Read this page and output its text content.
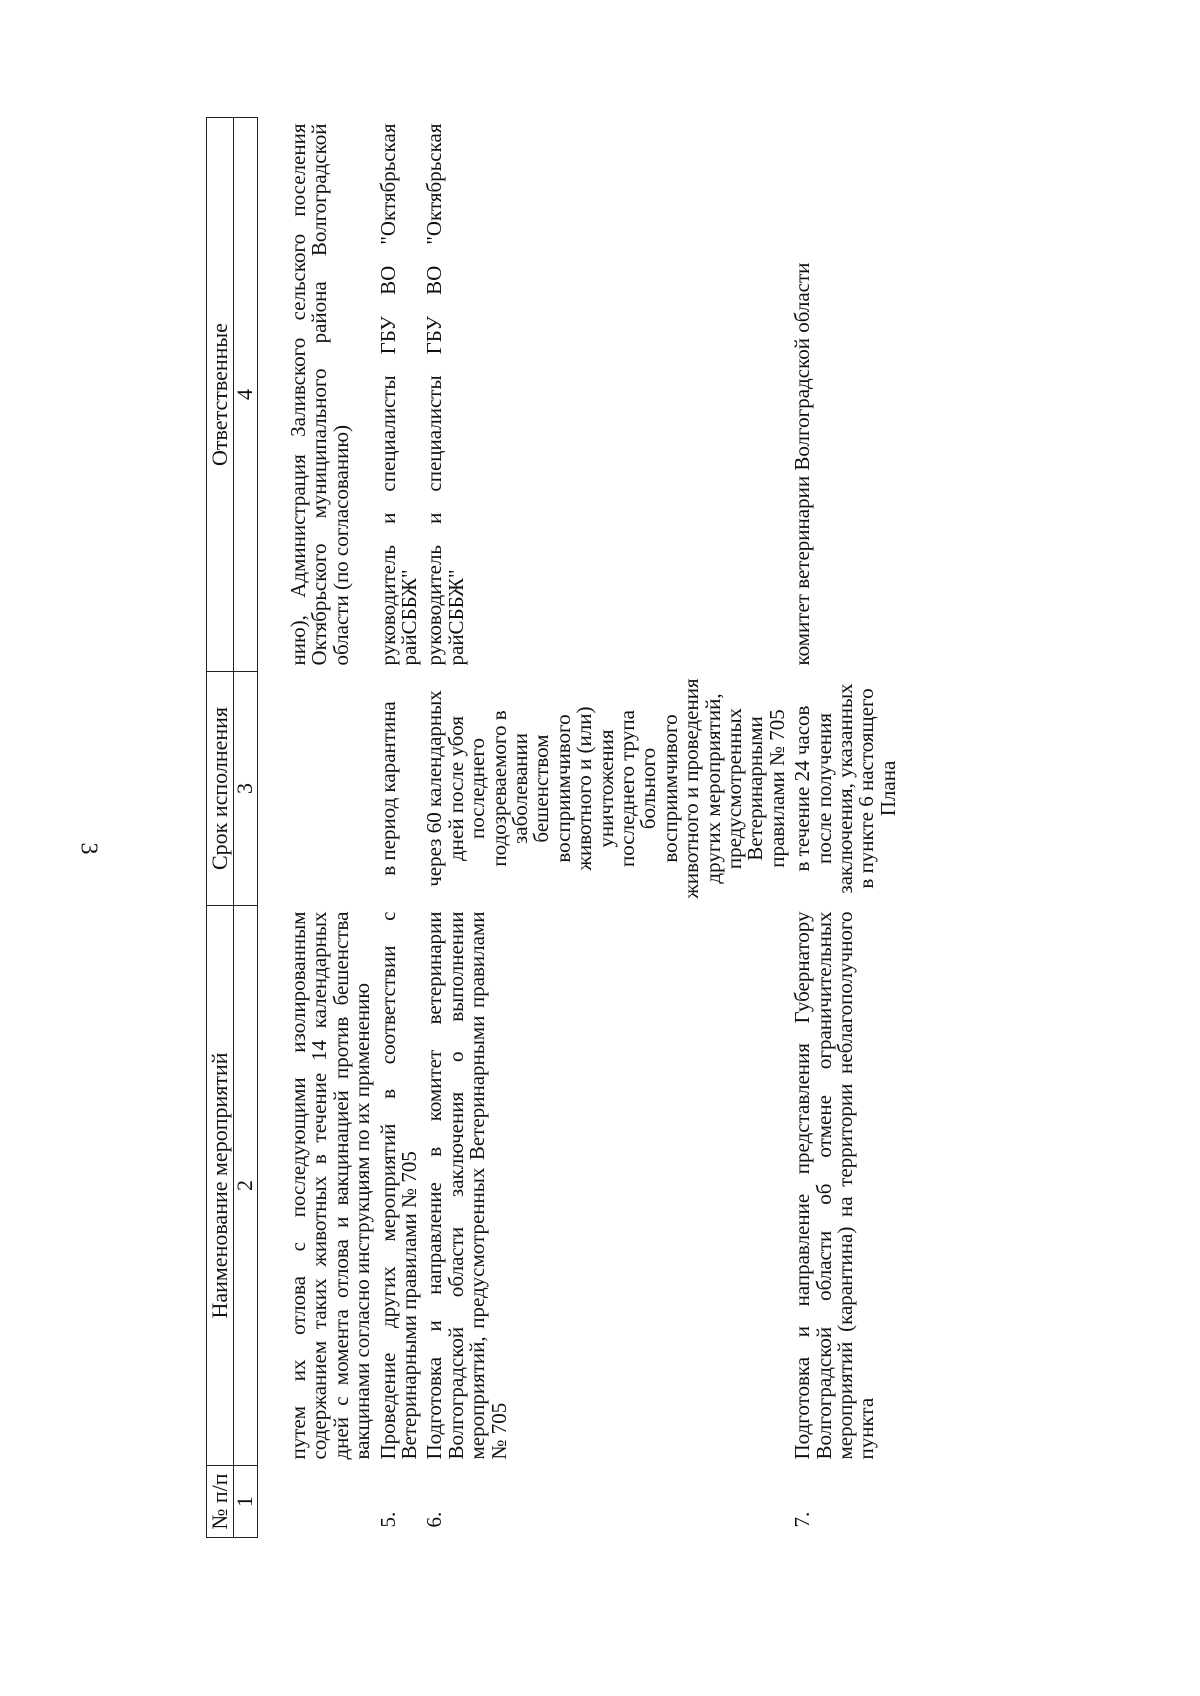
3
№ п/п	Наименование мероприятий	Срок исполнения	Ответственные
1	2	3	4

	путем их отлова с последующими изолированным содержанием таких животных в течение 14 календарных дней с момента отлова и вакцинацией против бешенства вакцинами согласно инструкциям по их применению		нию), Администрация Заливского сельского поселения Октябрьского муниципального района Волгоградской области (по согласованию)
5.	Проведение других мероприятий в соответствии с Ветеринарными правилами № 705	в период карантина	руководитель и специалисты ГБУ ВО "Октябрьская райСББЖ"
6.	Подготовка и направление в комитет ветеринарии Волгоградской области заключения о выполнении мероприятий, предусмотренных Ветеринарными правилами № 705	через 60 календарных дней после убоя последнего подозреваемого в заболевании бешенством восприимчивого животного и (или) уничтожения последнего трупа больного восприимчивого животного и проведения других мероприятий, предусмотренных Ветеринарными правилами № 705	руководитель и специалисты ГБУ ВО "Октябрьская райСББЖ"
7.	Подготовка и направление представления Губернатору Волгоградской области об отмене ограничительных мероприятий (карантина) на территории неблагополучного пункта	в течение 24 часов после получения заключения, указанных в пункте 6 настоящего Плана	комитет ветеринарии Волгоградской области
